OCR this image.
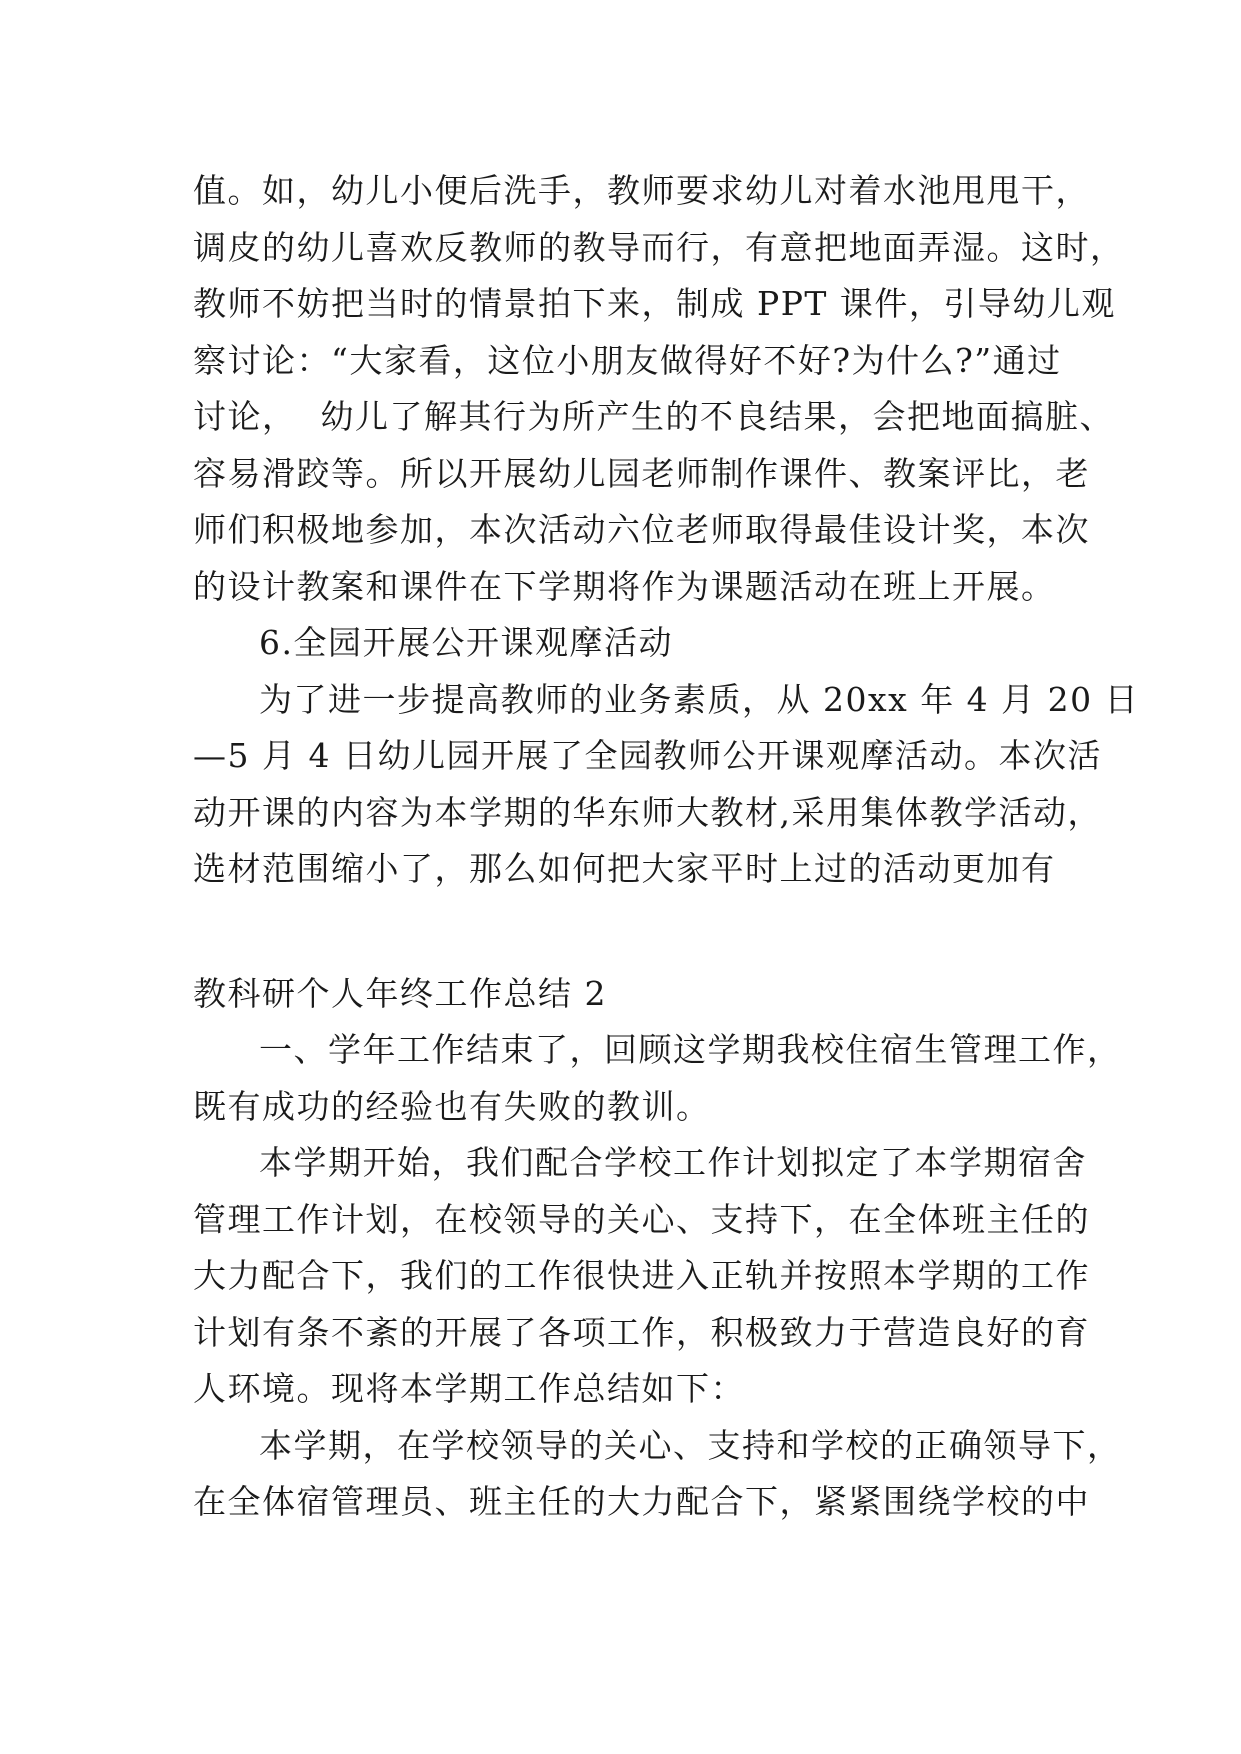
值。如，幼儿小便后洗手，教师要求幼儿对着水池甩甩干，
调皮的幼儿喜欢反教师的教导而行，有意把地面弄湿。这时，
教师不妨把当时的情景拍下来，制成 PPT 课件，引导幼儿观
察讨论：“大家看，这位小朋友做得好不好?为什么?”通过
讨论，  幼儿了解其行为所产生的不良结果，会把地面搞脏、
容易滑跤等。所以开展幼儿园老师制作课件、教案评比，老
师们积极地参加，本次活动六位老师取得最佳设计奖，本次
的设计教案和课件在下学期将作为课题活动在班上开展。
6.全园开展公开课观摩活动
为了进一步提高教师的业务素质，从 20xx 年 4 月 20 日
—5 月 4 日幼儿园开展了全园教师公开课观摩活动。本次活
动开课的内容为本学期的华东师大教材,采用集体教学活动，
选材范围缩小了，那么如何把大家平时上过的活动更加有
教科研个人年终工作总结 2
一、学年工作结束了，回顾这学期我校住宿生管理工作，
既有成功的经验也有失败的教训。
本学期开始，我们配合学校工作计划拟定了本学期宿舍
管理工作计划，在校领导的关心、支持下，在全体班主任的
大力配合下，我们的工作很快进入正轨并按照本学期的工作
计划有条不紊的开展了各项工作，积极致力于营造良好的育
人环境。现将本学期工作总结如下：
本学期，在学校领导的关心、支持和学校的正确领导下，
在全体宿管理员、班主任的大力配合下，紧紧围绕学校的中
